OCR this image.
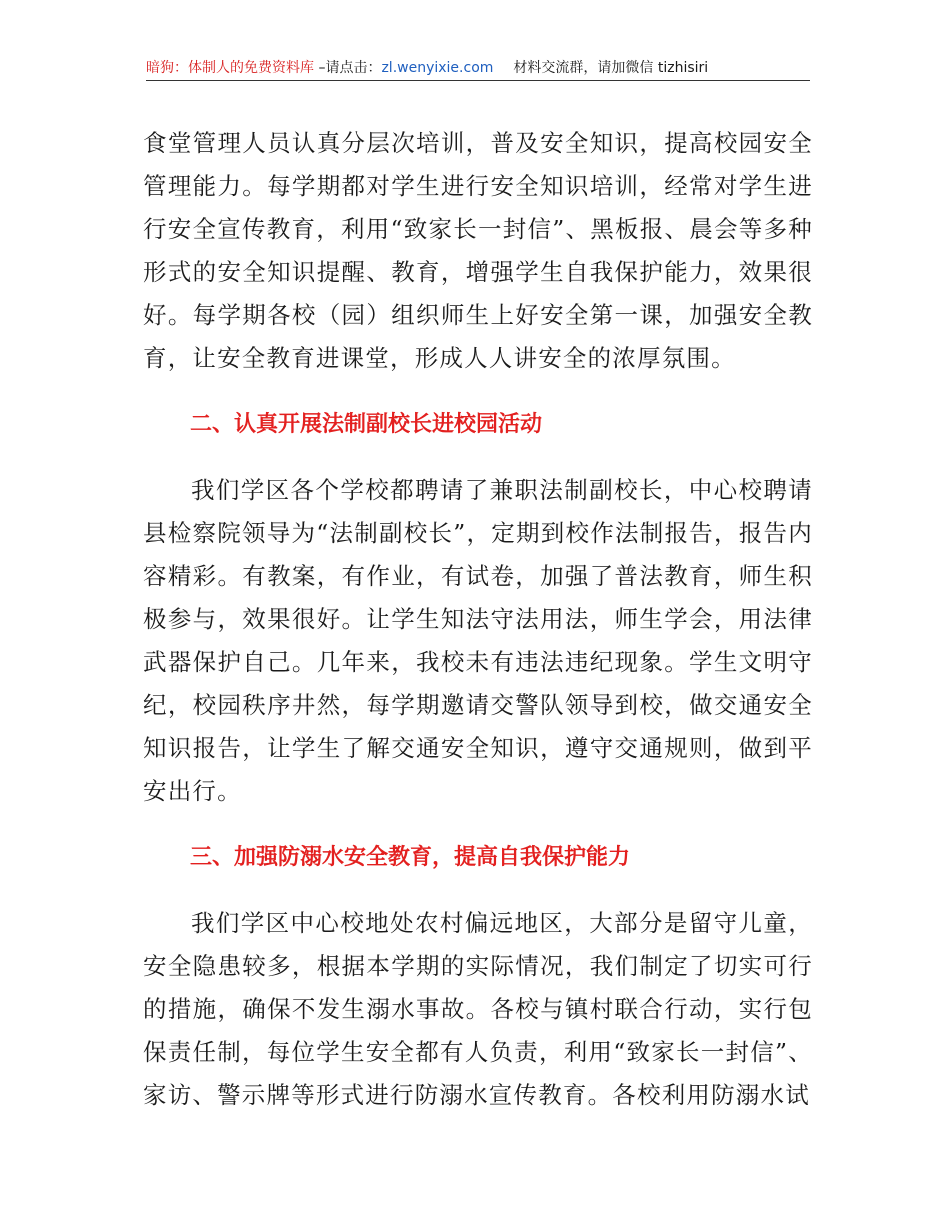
暗狗：体制人的免费资料库 –请点击：zl.wenyixie.com 材料交流群，请加微信 tizhisiri

食堂管理人员认真分层次培训，普及安全知识，提高校园安全管理能力。每学期都对学生进行安全知识培训，经常对学生进行安全宣传教育，利用“致家长一封信”、黑板报、晨会等多种形式的安全知识提醒、教育，增强学生自我保护能力，效果很好。每学期各校（园）组织师生上好安全第一课，加强安全教育，让安全教育进课堂，形成人人讲安全的浓厚氛围。

二、认真开展法制副校长进校园活动

我们学区各个学校都聘请了兼职法制副校长，中心校聘请县检察院领导为“法制副校长”，定期到校作法制报告，报告内容精彩。有教案，有作业，有试卷，加强了普法教育，师生积极参与，效果很好。让学生知法守法用法，师生学会，用法律武器保护自己。几年来，我校未有违法违纪现象。学生文明守纪，校园秩序井然，每学期邀请交警队领导到校，做交通安全知识报告，让学生了解交通安全知识，遵守交通规则，做到平安出行。

三、加强防溺水安全教育，提高自我保护能力

我们学区中心校地处农村偏远地区，大部分是留守儿童，安全隐患较多，根据本学期的实际情况，我们制定了切实可行的措施，确保不发生溺水事故。各校与镇村联合行动，实行包保责任制，每位学生安全都有人负责，利用“致家长一封信”、家访、警示牌等形式进行防溺水宣传教育。各校利用防溺水试
